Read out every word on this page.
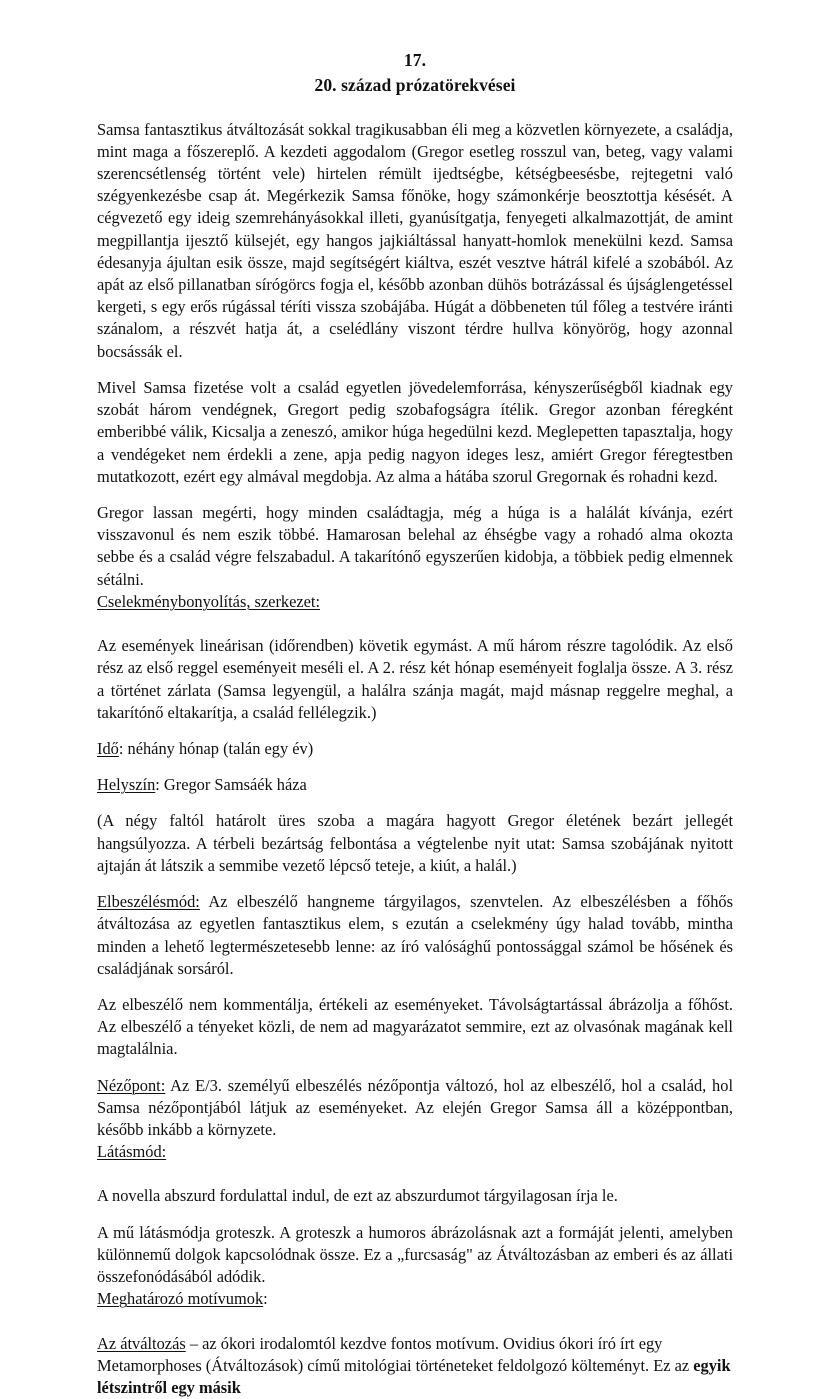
17.
20. század prózatörekvései

Samsa fantasztikus átváltozását sokkal tragikusabban éli meg a közvetlen környezete, a családja, mint maga a főszereplő. A kezdeti aggodalom (Gregor esetleg rosszul van, beteg, vagy valami szerencsétlenség történt vele) hirtelen rémült ijedtségbe, kétségbeesésbe, rejtegetni való szégyenkezésbe csap át. Megérkezik Samsa főnöke, hogy számonkérje beosztottja késését. A cégvezető egy ideig szemrehányásokkal illeti, gyanúsítgatja, fenyegeti alkalmazottját, de amint megpillantja ijesztő külsejét, egy hangos jajkiáltással hanyatt-homlok menekülni kezd. Samsa édesanyja ájultan esik össze, majd segítségért kiáltva, eszét vesztve hátrál kifelé a szobából. Az apát az első pillanatban sírógörcs fogja el, később azonban dühös botrázással és újságlengetéssel kergeti, s egy erős rúgással téríti vissza szobájába. Húgát a döbbeneten túl főleg a testvére iránti szánalom, a részvét hatja át, a cselédlány viszont térdre hullva könyörög, hogy azonnal bocsássák el.

Mivel Samsa fizetése volt a család egyetlen jövedelemforrása, kényszerűségből kiadnak egy szobát három vendégnek, Gregort pedig szobafogságra ítélik. Gregor azonban féregként emberibbé válik, Kicsalja a zeneszó, amikor húga hegedülni kezd. Meglepetten tapasztalja, hogy a vendégeket nem érdekli a zene, apja pedig nagyon ideges lesz, amiért Gregor féregtestben mutatkozott, ezért egy almával megdobja. Az alma a hátába szorul Gregornak és rohadni kezd.

Gregor lassan megérti, hogy minden családtagja, még a húga is a halálát kívánja, ezért visszavonul és nem eszik többé. Hamarosan belehal az éhségbe vagy a rohadó alma okozta sebbe és a család végre felszabadul. A takarítónő egyszerűen kidobja, a többiek pedig elmennek sétálni.

Cselekménybonyolítás, szerkezet:

Az események lineárisan (időrendben) követik egymást. A mű három részre tagolódik. Az első rész az első reggel eseményeit meséli el. A 2. rész két hónap eseményeit foglalja össze. A 3. rész a történet zárlata (Samsa legyengül, a halálra szánja magát, majd másnap reggelre meghal, a takarítónő eltakarítja, a család fellélegzik.)

Idő: néhány hónap (talán egy év)

Helyszín: Gregor Samsáék háza

(A négy faltól határolt üres szoba a magára hagyott Gregor életének bezárt jellegét hangsúlyozza. A térbeli bezártság felbontása a végtelenbe nyit utat: Samsa szobájának nyitott ajtaján át látszik a semmibe vezető lépcső teteje, a kiút, a halál.)

Elbeszélésmód: Az elbeszélő hangneme tárgyilagos, szenvtelen. Az elbeszélésben a főhős átváltozása az egyetlen fantasztikus elem, s ezután a cselekmény úgy halad tovább, mintha minden a lehető legtermészetesebb lenne: az író valósághű pontossággal számol be hősének és családjának sorsáról.

Az elbeszélő nem kommentálja, értékeli az eseményeket. Távolságtartással ábrázolja a főhőst. Az elbeszélő a tényeket közli, de nem ad magyarázatot semmire, ezt az olvasónak magának kell magtalálnia.

Nézőpont: Az E/3. személyű elbeszélés nézőpontja változó, hol az elbeszélő, hol a család, hol Samsa nézőpontjából látjuk az eseményeket. Az elején Gregor Samsa áll a középpontban, később inkább a környzete.

Látásmód:

A novella abszurd fordulattal indul, de ezt az abszurdumot tárgyilagosan írja le.

A mű látásmódja groteszk. A groteszk a humoros ábrázolásnak azt a formáját jelenti, amelyben különnemű dolgok kapcsolódnak össze. Ez a „furcsaság" az Átváltozásban az emberi és az állati összefonódásából adódik.

Meghatározó motívumok:

Az átváltozás – az ókori irodalomtól kezdve fontos motívum. Ovidius ókori író írt egy Metamorphoses (Átváltozások) című mitológiai történeteket feldolgozó költeményt. Ez az egyik létszintről egy másik
